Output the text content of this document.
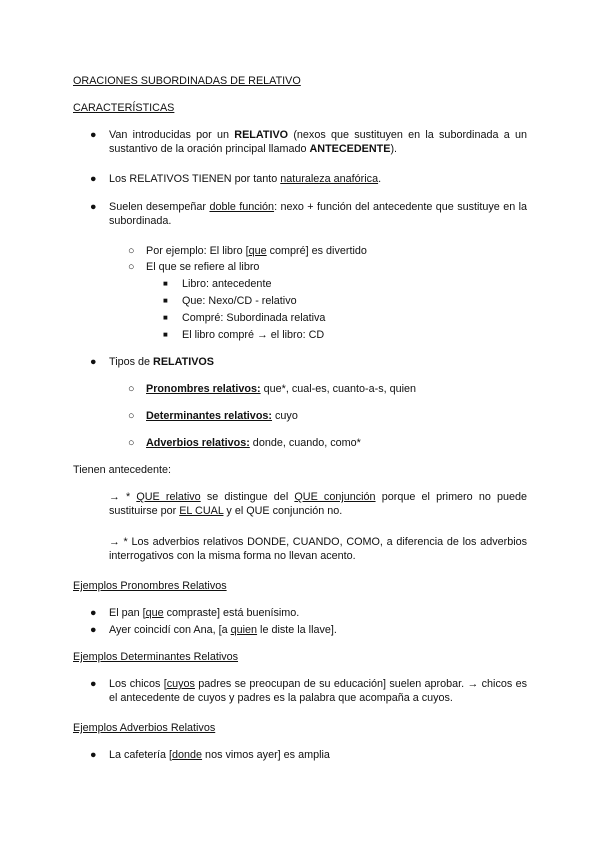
ORACIONES SUBORDINADAS DE RELATIVO
CARACTERÍSTICAS
● Van introducidas por un RELATIVO (nexos que sustituyen en la subordinada a un sustantivo de la oración principal llamado ANTECEDENTE).
● Los RELATIVOS TIENEN por tanto naturaleza anafórica.
● Suelen desempeñar doble función: nexo + función del antecedente que sustituye en la subordinada.
○ Por ejemplo: El libro [que compré] es divertido
○ El que se refiere al libro
■ Libro: antecedente
■ Que: Nexo/CD - relativo
■ Compré: Subordinada relativa
■ El libro compré → el libro: CD
● Tipos de RELATIVOS
○ Pronombres relativos: que*, cual-es, cuanto-a-s, quien
○ Determinantes relativos: cuyo
○ Adverbios relativos: donde, cuando, como*
Tienen antecedente:
→ * QUE relativo se distingue del QUE conjunción porque el primero no puede sustituirse por EL CUAL y el QUE conjunción no.
→ * Los adverbios relativos DONDE, CUANDO, COMO, a diferencia de los adverbios interrogativos con la misma forma no llevan acento.
Ejemplos Pronombres Relativos
● El pan [que compraste] está buenísimo.
● Ayer coincidí con Ana, [a quien le diste la llave].
Ejemplos Determinantes Relativos
● Los chicos [cuyos padres se preocupan de su educación] suelen aprobar. → chicos es el antecedente de cuyos y padres es la palabra que acompaña a cuyos.
Ejemplos Adverbios Relativos
● La cafetería [donde nos vimos ayer] es amplia
